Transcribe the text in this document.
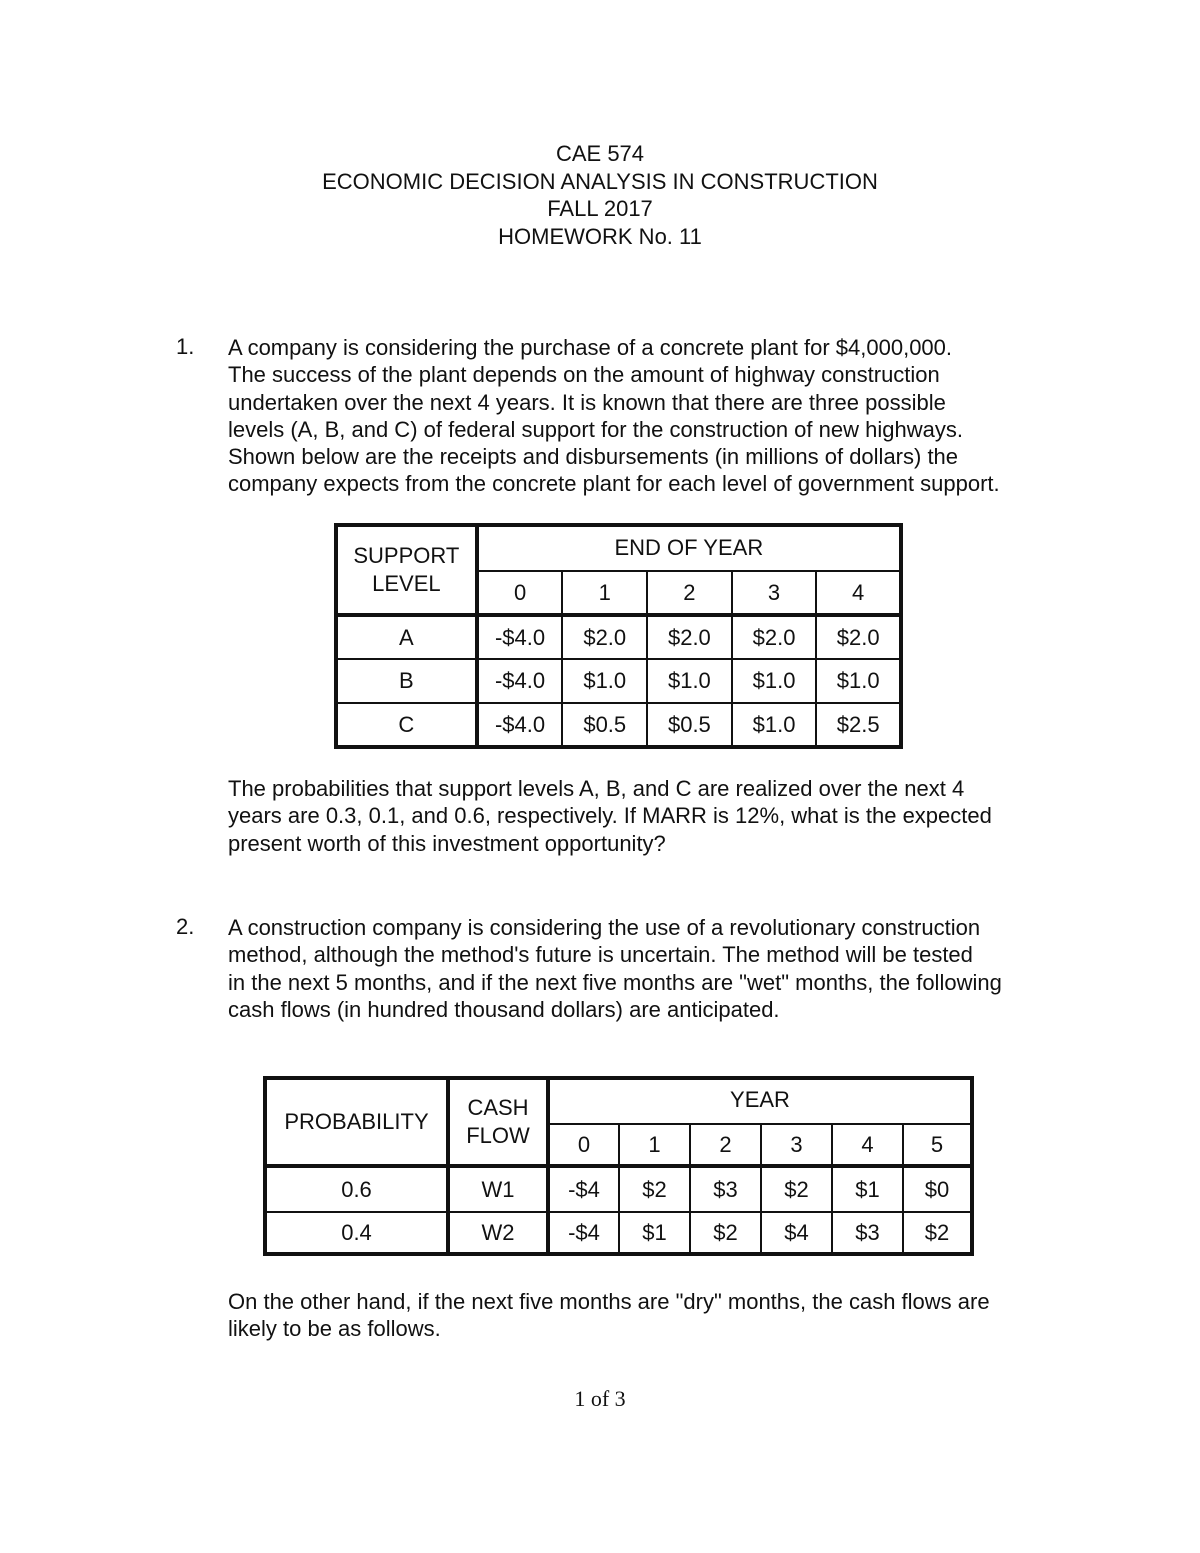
CAE 574
ECONOMIC DECISION ANALYSIS IN CONSTRUCTION
FALL 2017
HOMEWORK No. 11
1. A company is considering the purchase of a concrete plant for $4,000,000.
The success of the plant depends on the amount of highway construction
undertaken over the next 4 years. It is known that there are three possible
levels (A, B, and C) of federal support for the construction of new highways.
Shown below are the receipts and disbursements (in millions of dollars) the
company expects from the concrete plant for each level of government support.
SUPPORT
LEVEL	END OF YEAR				
	0	1	2	3	4
A	-$4.0	$2.0	$2.0	$2.0	$2.0
B	-$4.0	$1.0	$1.0	$1.0	$1.0
C	-$4.0	$0.5	$0.5	$1.0	$2.5
The probabilities that support levels A, B, and C are realized over the next 4
years are 0.3, 0.1, and 0.6, respectively. If MARR is 12%, what is the expected
present worth of this investment opportunity?
2. A construction company is considering the use of a revolutionary construction
method, although the method's future is uncertain. The method will be tested
in the next 5 months, and if the next five months are "wet" months, the following
cash flows (in hundred thousand dollars) are anticipated.
PROBABILITY	CASH
FLOW	YEAR					
		0	1	2	3	4	5
0.6	W1	-$4	$2	$3	$2	$1	$0
0.4	W2	-$4	$1	$2	$4	$3	$2
On the other hand, if the next five months are "dry" months, the cash flows are
likely to be as follows.
1 of 3
